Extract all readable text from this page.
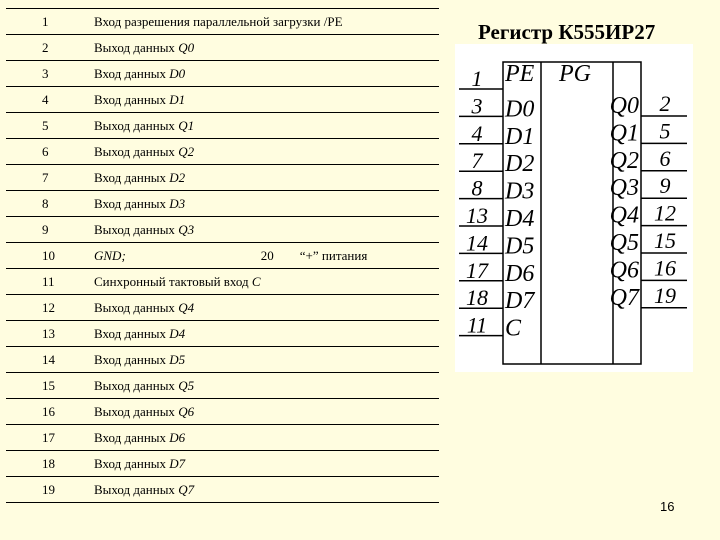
1	Вход разрешения параллельной загрузки /PE
2	Выход данных Q0
3	Вход данных D0
4	Вход данных D1
5	Выход данных Q1
6	Выход данных Q2
7	Вход данных D2
8	Вход данных D3
9	Выход данных Q3
10	GND; 20 “+” питания
11	Синхронный тактовый вход C
12	Выход данных Q4
13	Вход данных D4
14	Вход данных D5
15	Выход данных Q5
16	Выход данных Q6
17	Вход данных D6
18	Вход данных D7
19	Выход данных Q7
Регистр К555ИР27
PE PG
1
3 D0
4 D1
7 D2
8 D3
13 D4
14 D5
17 D6
18 D7
11 C
2
Q0
5
Q1
6
Q2
9
Q3
12
Q4
15
Q5
16
Q6
19
Q7
16
